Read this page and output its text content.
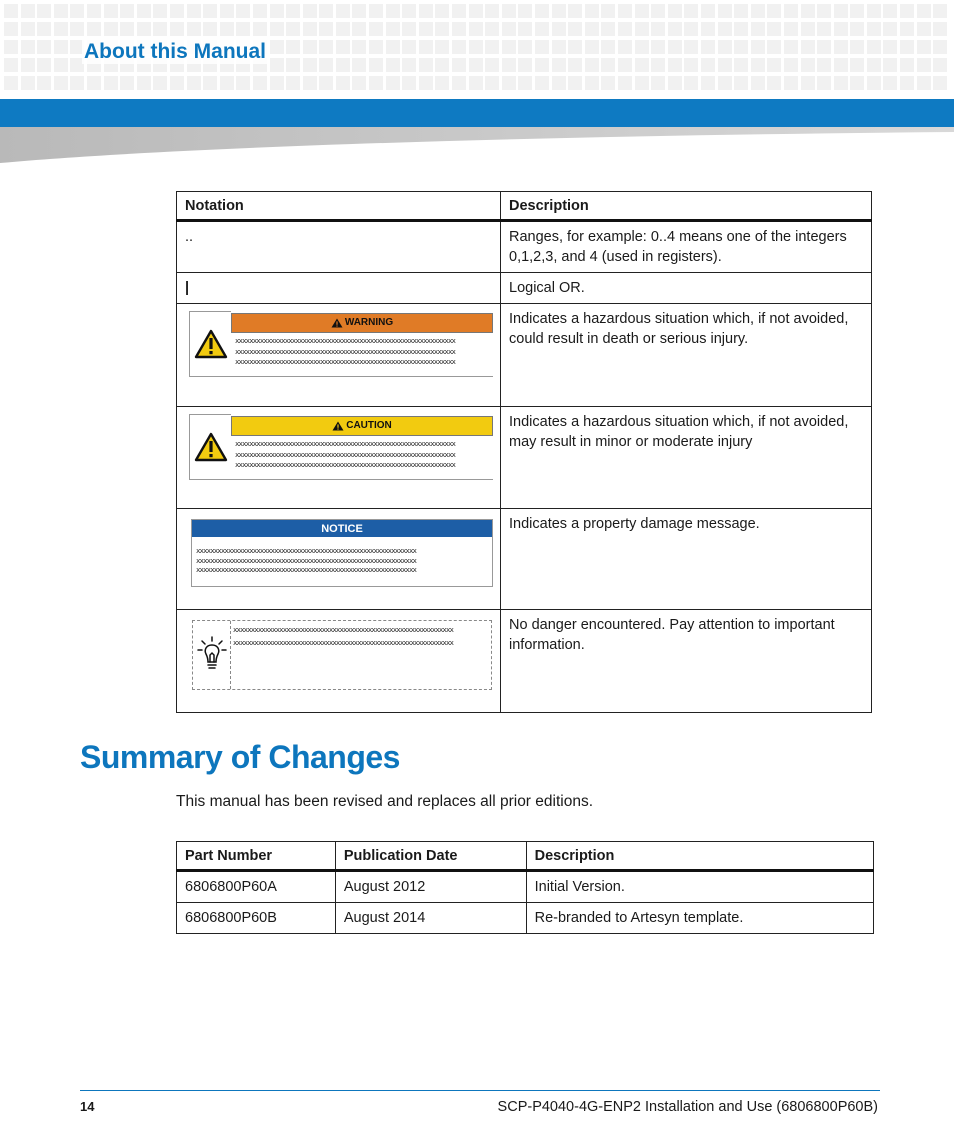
About this Manual
Notation	Description
..	Ranges, for example: 0..4 means one of the integers 0,1,2,3, and 4 (used in registers).
|	Logical OR.

WARNING
xxxxxxxxxxxxxxxxxxxxxxxxxxxxxxxxxxxxxxxxxxxxxxxxxxxxxxxxxxxxxx
xxxxxxxxxxxxxxxxxxxxxxxxxxxxxxxxxxxxxxxxxxxxxxxxxxxxxxxxxxxxxx
xxxxxxxxxxxxxxxxxxxxxxxxxxxxxxxxxxxxxxxxxxxxxxxxxxxxxxxxxxxxxx	Indicates a hazardous situation which, if not avoided, could result in death or serious injury.

CAUTION
xxxxxxxxxxxxxxxxxxxxxxxxxxxxxxxxxxxxxxxxxxxxxxxxxxxxxxxxxxxxxx
xxxxxxxxxxxxxxxxxxxxxxxxxxxxxxxxxxxxxxxxxxxxxxxxxxxxxxxxxxxxxx
xxxxxxxxxxxxxxxxxxxxxxxxxxxxxxxxxxxxxxxxxxxxxxxxxxxxxxxxxxxxxx	Indicates a hazardous situation which, if not avoided, may result in minor or moderate injury

NOTICE
xxxxxxxxxxxxxxxxxxxxxxxxxxxxxxxxxxxxxxxxxxxxxxxxxxxxxxxxxxxxxx
xxxxxxxxxxxxxxxxxxxxxxxxxxxxxxxxxxxxxxxxxxxxxxxxxxxxxxxxxxxxxx
xxxxxxxxxxxxxxxxxxxxxxxxxxxxxxxxxxxxxxxxxxxxxxxxxxxxxxxxxxxxxx	Indicates a property damage message.

xxxxxxxxxxxxxxxxxxxxxxxxxxxxxxxxxxxxxxxxxxxxxxxxxxxxxxxxxxxxxx
xxxxxxxxxxxxxxxxxxxxxxxxxxxxxxxxxxxxxxxxxxxxxxxxxxxxxxxxxxxxxx	No danger encountered. Pay attention to important information.
Summary of Changes

This manual has been revised and replaces all prior editions.

Part Number	Publication Date	Description
6806800P60A	August 2012	Initial Version.
6806800P60B	August 2014	Re-branded to Artesyn template.
14	SCP-P4040-4G-ENP2 Installation and Use (6806800P60B)
